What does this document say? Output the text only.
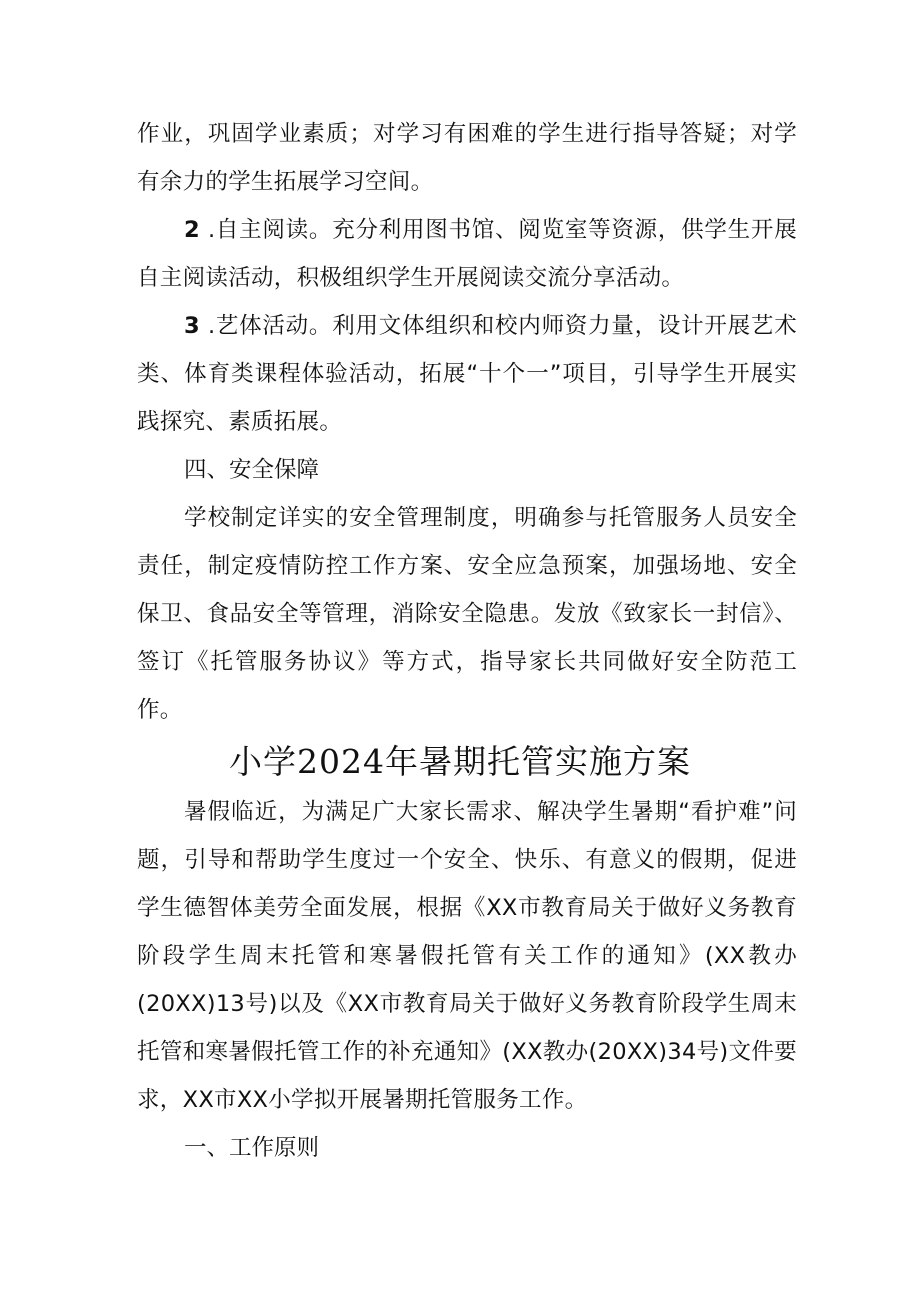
作业，巩固学业素质；对学习有困难的学生进行指导答疑；对学有余力的学生拓展学习空间。

2 .自主阅读。充分利用图书馆、阅览室等资源，供学生开展自主阅读活动，积极组织学生开展阅读交流分享活动。

3 .艺体活动。利用文体组织和校内师资力量，设计开展艺术类、体育类课程体验活动，拓展“十个一”项目，引导学生开展实践探究、素质拓展。

四、安全保障

学校制定详实的安全管理制度，明确参与托管服务人员安全责任，制定疫情防控工作方案、安全应急预案，加强场地、安全保卫、食品安全等管理，消除安全隐患。发放《致家长一封信》、签订《托管服务协议》等方式，指导家长共同做好安全防范工作。

小学2024年暑期托管实施方案

暑假临近，为满足广大家长需求、解决学生暑期“看护难”问题，引导和帮助学生度过一个安全、快乐、有意义的假期，促进学生德智体美劳全面发展，根据《XX市教育局关于做好义务教育阶段学生周末托管和寒暑假托管有关工作的通知》(XX教办(20XX)13号)以及《XX市教育局关于做好义务教育阶段学生周末托管和寒暑假托管工作的补充通知》(XX教办(20XX)34号)文件要求，XX市XX小学拟开展暑期托管服务工作。

一、工作原则
